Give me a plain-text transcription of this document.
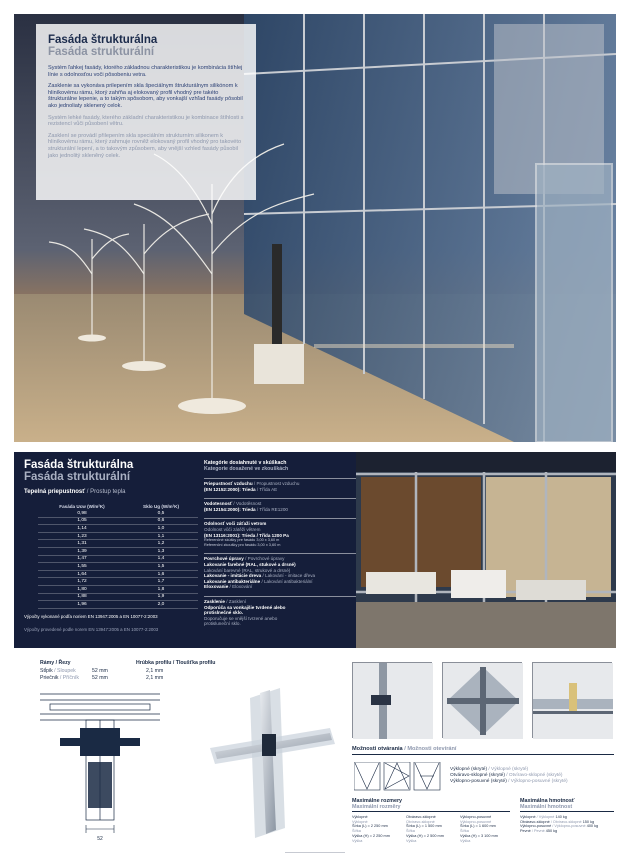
Fasáda štrukturálna
Fasáda strukturální
Systém ľahkej fasády, ktorého základnou charakteristikou je kombinácia štíhlej línie s odolnosťou voči pôsobeniu vetra.
Zasklenie sa vykonáva prilepením skla špeciálnym štrukturálnym silikónom k hliníkovému rámu, ktorý zahŕňa aj elokovaný profil vhodný pre takéto štrukturálne lepenie, a to takým spôsobom, aby vonkajší vzhľad fasády pôsobil ako jednoliaty sklenený celok.
Systém lehké fasády, kterého základní charakteristikou je kombinace štíhlosti s rezistencí vůči působení větru.
Zasklení se provádí přilepením skla speciálním strukturním silikonem k hliníkovému rámu, který zahrnuje rovněž elokovaný profil vhodný pro takovéto strukturální lepení, a to takovým způsobem, aby vnější vzhled fasády působil jako jednolitý skleněný celek.
Fasáda štrukturálna
Fasáda strukturální
Tepelná priepustnosť / Prostup tepla
Fasáda Ucw (W/m²K)	Sklo Ug (W/m²K)
0,98	0,5
1,05	0,6
1,14	1,0
1,23	1,1
1,31	1,2
1,39	1,3
1,47	1,4
1,55	1,5
1,64	1,6
1,72	1,7
1,80	1,8
1,88	1,9
1,96	2,0
Výpočty vykonané podľa noriem EN 13947:2005 a EN 10077-2:2003
Výpočty provedené podle norem EN 13947:2005 a EN 10077-2:2003
Kategórie dosiahnuté v skúškach
Kategorie dosažené ve zkouškách
Priepustnosť vzduchu / Propustnost vzduchu
(EN 12152:2000): Trieda / Třída AE
Vodotesnosť / Vodotěsnost
(EN 12154:2000): Trieda / Třída RE1200
Odolnosť voči záťaži vetrom
Odolnost vůči zátěži větrem
(EN 13116:2001): Trieda / Třída 1200 Pa
Referenčné skúšky pre fasádu 3,00 x 3,60 m
Referenční zkoušky pro fasádu 3,00 x 3,60 m
Povrchové úpravy / Povrchové úpravy
Lakovanie farebné (RAL, stukové a drsné)
Lakování barevné (RAL, strukové a drsné)
Lakovanie - imitácie dreva / Lakování - imitace dřeva
Lakovanie antibakteriálne / Lakování antibakteriální
Eloxovanie / Eloxování
Zasklenie / Zasklení
Odporúča sa vonkajšie tvrdené alebo
protislnečné sklo.
Doporučuje se vnější tvrzené anebo
protisluneční sklo.
Rámy / Řezy	Hrúbka profilu / Tloušťka profilu
Stĺpik / Sloupek	52 mm	2,1 mm
Priečnik / Příčník	52 mm	2,1 mm
52
Možnosti otvárania / Možnosti otevírání
Výklopné (skryté) / Výklopné (skryté)
Otváravo-sklopné (skryté) / Otvíravo-sklopné (skryté)
Výklopno-posuvné (skryté) / Výklopno-posuvné (skryté)
Maximálne rozmery
Maximální rozměry
Maximálna hmotnosť
Maximální hmotnost
Výklopné
Výklopné
Šírka (L) = 2 250 mm
Šířka
Výška (H) = 2 250 mm
Výška
Otváravo-sklopné
Otvíravo-sklopné
Šírka (L) = 1 500 mm
Šířka
Výška (H) = 2 500 mm
Výška
Výklopno-posuvné
Výklopno-posuvné
Šírka (L) = 1 600 mm
Šířka
Výška (H) = 3 100 mm
Výška
Výklopné / Výklopné 140 kg
Otváravo-sklopné / Otvíravo-sklopné 150 kg
Výklopno-posuvné / Výklopno-posuvné 400 kg
Pevné / Pevné 450 kg
